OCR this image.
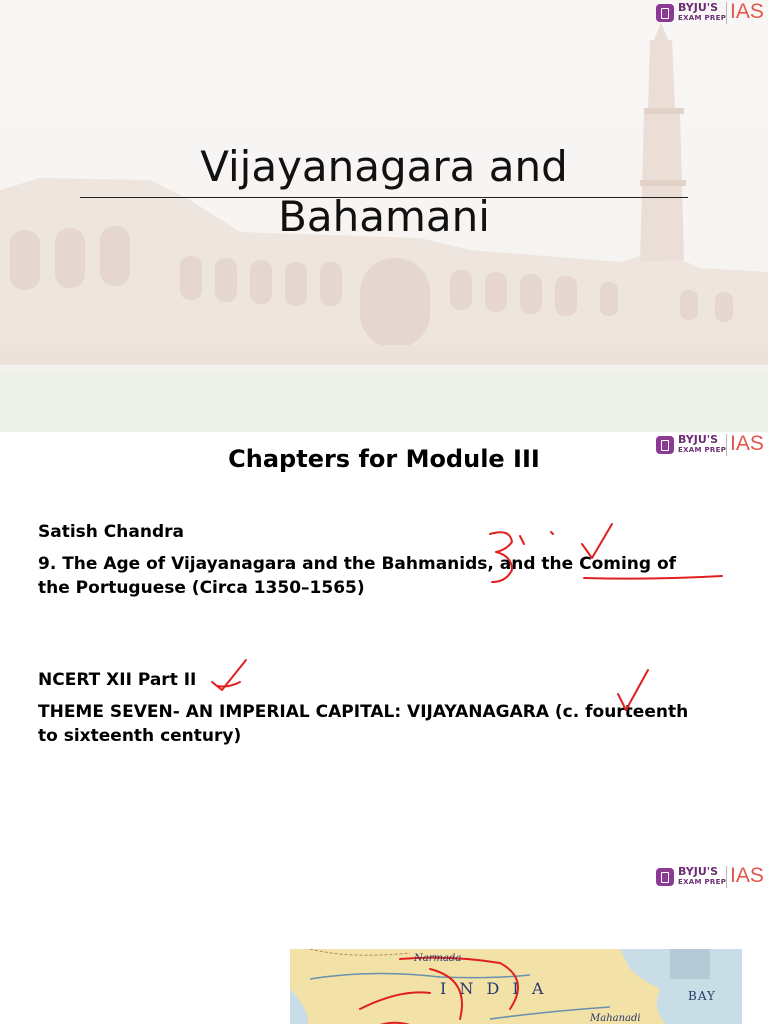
BYJU'S
EXAM PREP IAS
Vijayanagara and
Bahamani
BYJU'S
EXAM PREP IAS
Chapters for Module III
Satish Chandra
9. The Age of Vijayanagara and the Bahmanids, and the Coming of
the Portuguese (Circa 1350–1565)
NCERT XII Part II
THEME SEVEN- AN IMPERIAL CAPITAL: VIJAYANAGARA (c. fourteenth
to sixteenth century)
BYJU'S
EXAM PREP IAS
Narmada
I N D I A	BAY
Mahanadi
